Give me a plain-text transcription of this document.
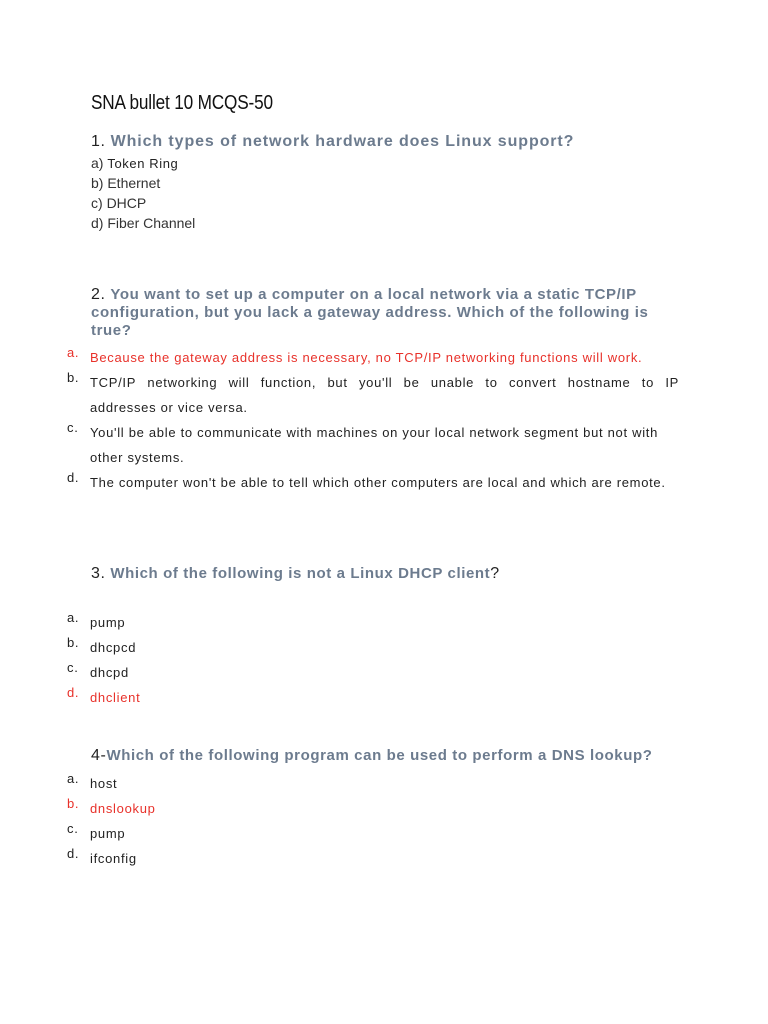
SNA bullet 10 MCQS-50
1. Which types of network hardware does Linux support?
a) Token Ring
b) Ethernet
c) DHCP
d) Fiber Channel
2. You want to set up a computer on a local network via a static TCP/IP configuration, but you lack a gateway address. Which of the following is true?
a. Because the gateway address is necessary, no TCP/IP networking functions will work.
b. TCP/IP networking will function, but you'll be unable to convert hostname to IP
addresses or vice versa.
c. You'll be able to communicate with machines on your local network segment but not with
other systems.
d. The computer won't be able to tell which other computers are local and which are remote.
3. Which of the following is not a Linux DHCP client?
a. pump
b. dhcpcd
c. dhcpd
d. dhclient
4-Which of the following program can be used to perform a DNS lookup?
a. host
b. dnslookup
c. pump
d. ifconfig
